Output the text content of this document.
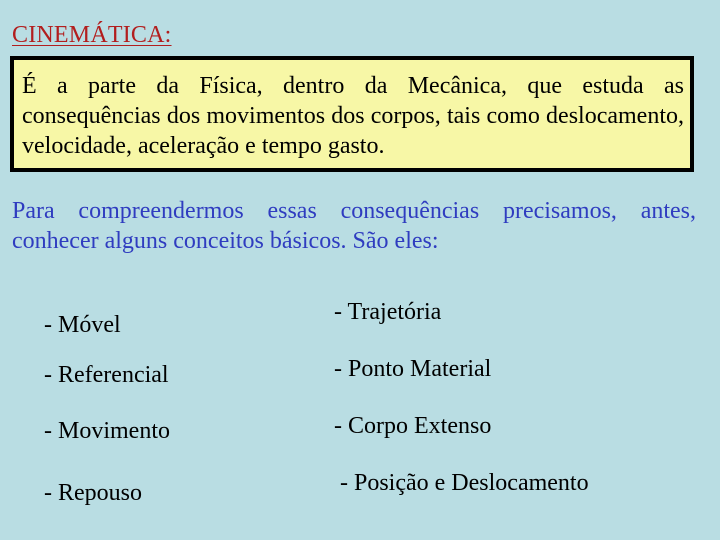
CINEMÁTICA:

É a parte da Física, dentro da Mecânica, que estuda as consequências dos movimentos dos corpos, tais como deslocamento, velocidade, aceleração e tempo gasto.

Para compreendermos essas consequências precisamos, antes, conhecer alguns conceitos básicos. São eles:

- Móvel
- Referencial
- Movimento
- Repouso
- Trajetória
- Ponto Material
- Corpo Extenso
- Posição e Deslocamento
